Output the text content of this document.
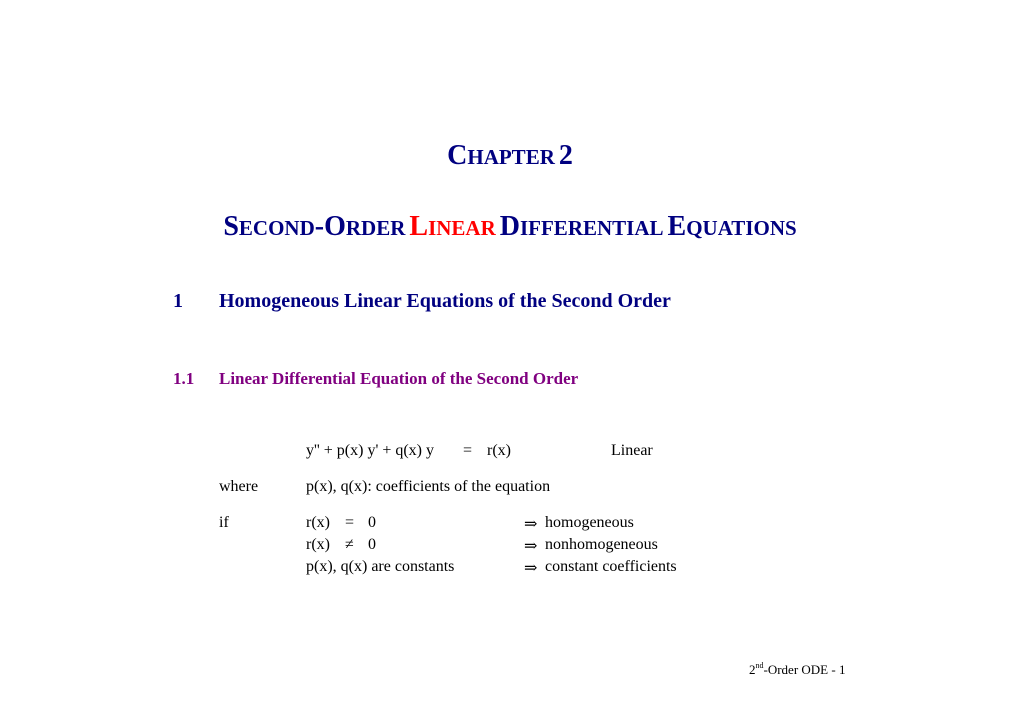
CHAPTER 2
SECOND-ORDER LINEAR DIFFERENTIAL EQUATIONS
1 Homogeneous Linear Equations of the Second Order
1.1 Linear Differential Equation of the Second Order
y'' + p(x) y' + q(x) y = r(x)	Linear
where	p(x), q(x): coefficients of the equation
if	r(x) = 0	⇒ homogeneous
r(x) ≠ 0	⇒ nonhomogeneous
p(x), q(x) are constants	⇒ constant coefficients
2nd-Order ODE - 1
